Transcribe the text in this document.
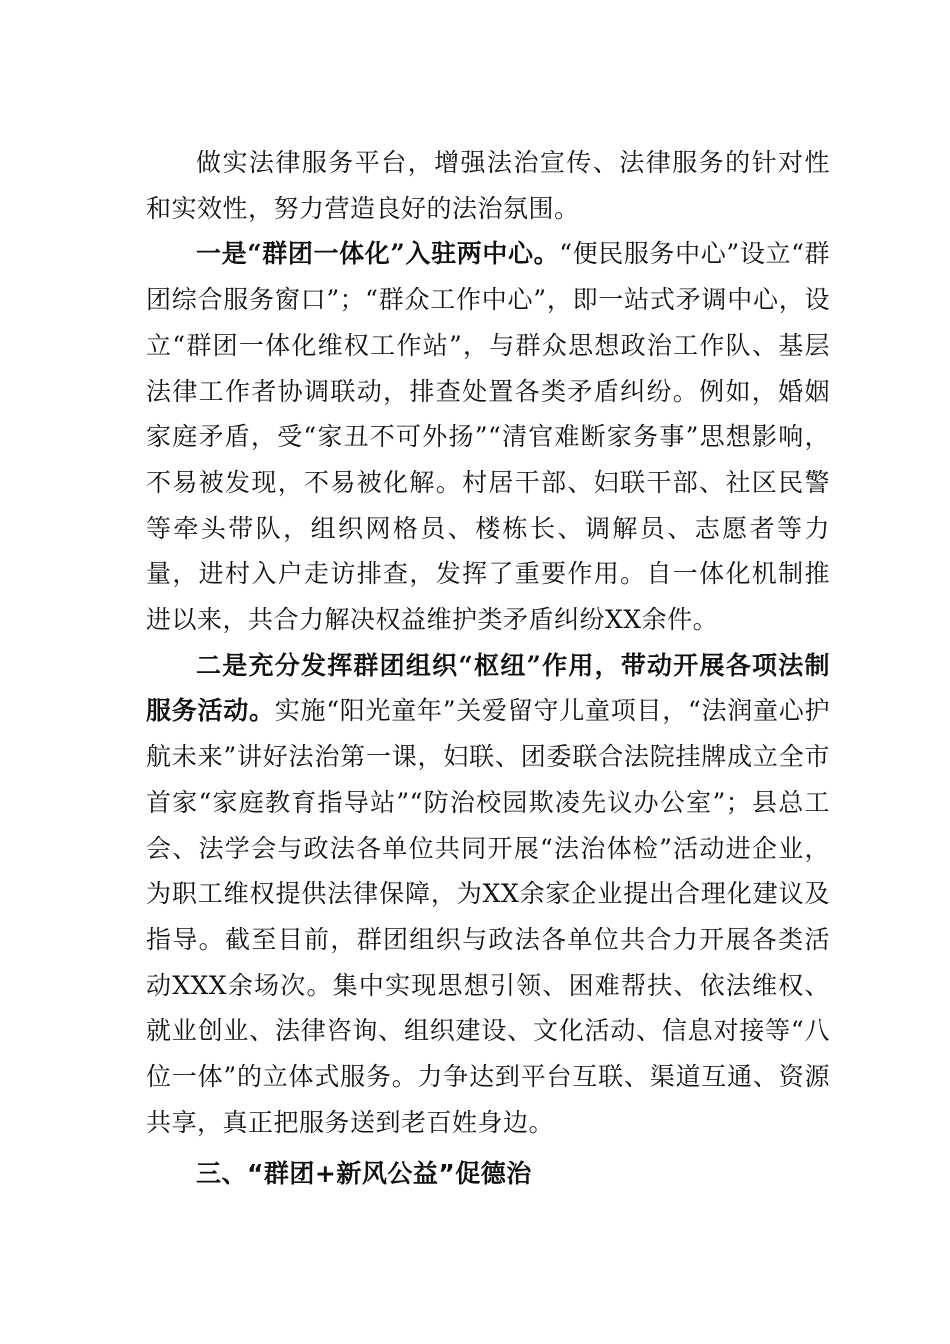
做实法律服务平台，增强法治宣传、法律服务的针对性和实效性，努力营造良好的法治氛围。

一是“群团一体化”入驻两中心。“便民服务中心”设立“群团综合服务窗口”；“群众工作中心”，即一站式矛调中心，设立“群团一体化维权工作站”，与群众思想政治工作队、基层法律工作者协调联动，排查处置各类矛盾纠纷。例如，婚姻家庭矛盾，受“家丑不可外扬”“清官难断家务事”思想影响，不易被发现，不易被化解。村居干部、妇联干部、社区民警等牵头带队，组织网格员、楼栋长、调解员、志愿者等力量，进村入户走访排查，发挥了重要作用。自一体化机制推进以来，共合力解决权益维护类矛盾纠纷XX余件。

二是充分发挥群团组织“枢纽”作用，带动开展各项法制服务活动。实施“阳光童年”关爱留守儿童项目，“法润童心护航未来”讲好法治第一课，妇联、团委联合法院挂牌成立全市首家“家庭教育指导站”“防治校园欺凌先议办公室”；县总工会、法学会与政法各单位共同开展“法治体检”活动进企业，为职工维权提供法律保障，为XX余家企业提出合理化建议及指导。截至目前，群团组织与政法各单位共合力开展各类活动XXX余场次。集中实现思想引领、困难帮扶、依法维权、就业创业、法律咨询、组织建设、文化活动、信息对接等“八位一体”的立体式服务。力争达到平台互联、渠道互通、资源共享，真正把服务送到老百姓身边。

三、“群团+新风公益”促德治
